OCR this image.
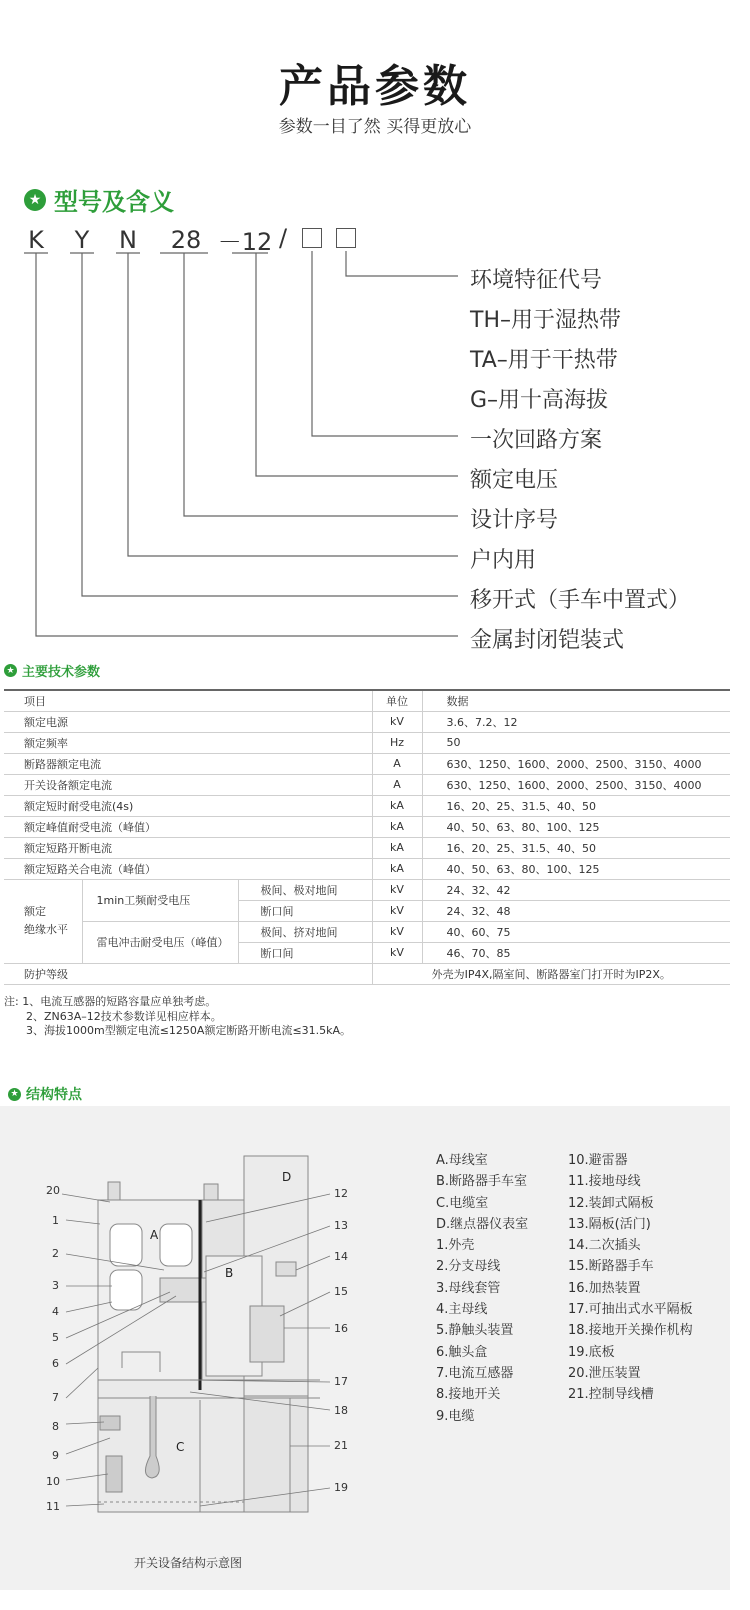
产品参数
参数一目了然 买得更放心
★ 型号及含义
K Y N 28 －12 /
环境特征代号
TH–用于湿热带
TA–用于干热带
G–用十高海拔
一次回路方案
额定电压
设计序号
户内用
移开式（手车中置式）
金属封闭铠装式
★ 主要技术参数
项目			单位	数据
额定电源			kV	3.6、7.2、12
额定频率			Hz	50
断路器额定电流			A	630、1250、1600、2000、2500、3150、4000
开关设备额定电流			A	630、1250、1600、2000、2500、3150、4000
额定短时耐受电流(4s)			kA	16、20、25、31.5、40、50
额定峰值耐受电流（峰值）			kA	40、50、63、80、100、125
额定短路开断电流			kA	16、20、25、31.5、40、50
额定短路关合电流（峰值）			kA	40、50、63、80、100、125

额定
绝缘水平	1min工频耐受电压	极间、极对地间	kV	24、32、42
		断口间	kV	24、32、48
	雷电冲击耐受电压（峰值）	极间、挤对地间	kV	40、60、75
		断口间	kV	46、70、85
防护等级			外壳为IP4X,隔室间、断路器室门打开时为IP2X。	
注: 1、电流互感器的短路容量应单独考虑。
2、ZN63A–12技术参数详见相应样本。
3、海拔1000m型额定电流≤1250A额定断路开断电流≤31.5kA。
★ 结构特点
A
B
C
D
20
1
2
3
4
5
6
7
8
9
10
11
12
13
14
15
16
17
18
21
19
开关设备结构示意图
A.母线室
B.断路器手车室
C.电缆室
D.继点器仪表室
1.外壳
2.分支母线
3.母线套管
4.主母线
5.静触头装置
6.触头盒
7.电流互感器
8.接地开关
9.电缆
10.避雷器
11.接地母线
12.装卸式隔板
13.隔板(活门)
14.二次插头
15.断路器手车
16.加热装置
17.可抽出式水平隔板
18.接地开关操作机构
19.底板
20.泄压装置
21.控制导线槽
